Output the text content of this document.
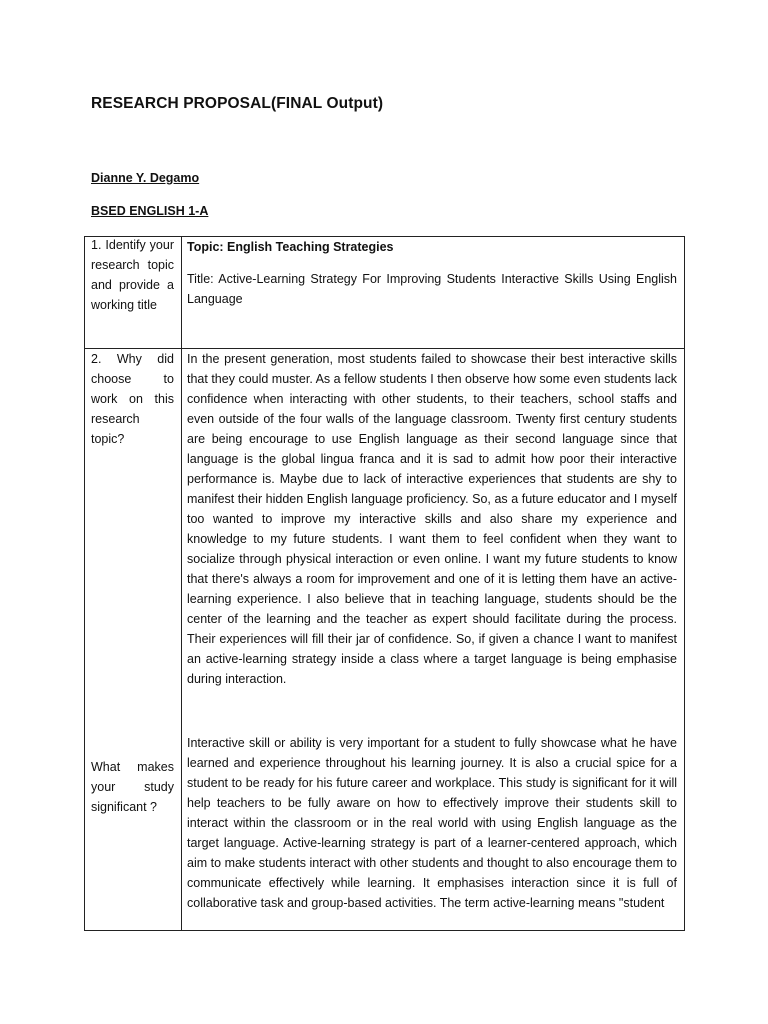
RESEARCH PROPOSAL(FINAL Output)
Dianne Y. Degamo
BSED ENGLISH 1-A
1. Identify your research topic and provide a working title
Topic: English Teaching Strategies
Title: Active-Learning Strategy For Improving Students Interactive Skills Using English Language
2. Why did choose to work on this research topic?
In the present generation, most students failed to showcase their best interactive skills that they could muster. As a fellow students I then observe how some even students lack confidence when interacting with other students, to their teachers, school staffs and even outside of the four walls of the language classroom. Twenty first century students are being encourage to use English language as their second language since that language is the global lingua franca and it is sad to admit how poor their interactive performance is. Maybe due to lack of interactive experiences that students are shy to manifest their hidden English language proficiency. So, as a future educator and I myself too wanted to improve my interactive skills and also share my experience and knowledge to my future students. I want them to feel confident when they want to socialize through physical interaction or even online. I want my future students to know that there's always a room for improvement and one of it is letting them have an active-learning experience. I also believe that in teaching language, students should be the center of the learning and the teacher as expert should facilitate during the process. Their experiences will fill their jar of confidence. So, if given a chance I want to manifest an active-learning strategy inside a class where a target language is being emphasise during interaction.
What makes your study significant ?
Interactive skill or ability is very important for a student to fully showcase what he have learned and experience throughout his learning journey. It is also a crucial spice for a student to be ready for his future career and workplace. This study is significant for it will help teachers to be fully aware on how to effectively improve their students skill to interact within the classroom or in the real world with using English language as the target language. Active-learning strategy is part of a learner-centered approach, which aim to make students interact with other students and thought to also encourage them to communicate effectively while learning. It emphasises interaction since it is full of collaborative task and group-based activities. The term active-learning means "student
